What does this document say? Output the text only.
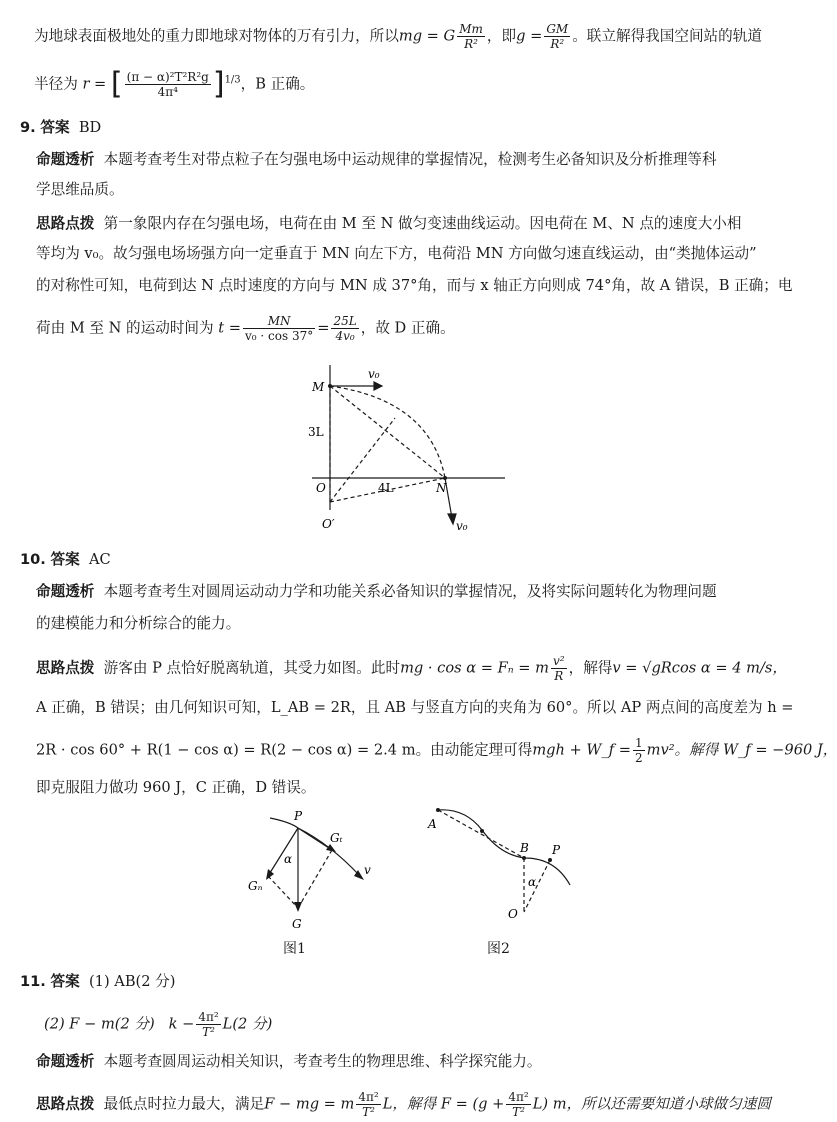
为地球表面极地处的重力即地球对物体的万有引力，所以mg = G $\frac{Mm}{\text{R²}}$ ，即$g = \frac{GM}{\text{R²}}$ 。联立解得我国空间站的轨道
半径为 r = [ $\frac{\text{(π − α)²T²R²g}}{\text{4π⁴}} ]^{1/3}$，B 正确。
9. 答案 BD
命题透析 本题考查考生对带点粒子在匀强电场中运动规律的掌握情况，检测考生必备知识及分析推理等科
学思维品质。
思路点拨 第一象限内存在匀强电场，电荷在由 M 至 N 做匀变速曲线运动。因电荷在 M、N 点的速度大小相
等均为 v₀。故匀强电场场强方向一定垂直于 MN 向左下方，电荷沿 MN 方向做匀速直线运动，由“类抛体运动”
的对称性可知，电荷到达 N 点时速度的方向与 MN 成 37°角，而与 x 轴正方向则成 74°角，故 A 错误，B 正确；电
荷由 M 至 N 的运动时间为 $t = \frac{MN}{\text{v₀ · cos 37°}} = \frac{25L}{\text{4v₀}}$ ，故 D 正确。
M
v₀
3L
O	4L	N
O′	v₀
10. 答案 AC
命题透析 本题考查考生对圆周运动动力学和功能关系必备知识的掌握情况，及将实际问题转化为物理问题
的建模能力和分析综合的能力。
思路点拨 游客由 P 点恰好脱离轨道，其受力如图。此时mg · cos α = Fₙ = m $\frac{\text{v²}}{R}$ ，解得v = √gRcos α = 4 m/s，
A 正确，B 错误；由几何知识可知，L_AB = 2R，且 AB 与竖直方向的夹角为 60°。所以 AP 两点间的高度差为 h =
2R · cos 60° + R(1 − cos α) = R(2 − cos α) = 2.4 m。由动能定理可得mgh + W_f = $\frac{1}{2} mv^2$。解得 W_f = −960 J，
即克服阻力做功 960 J，C 正确，D 错误。
P
α
Gₜ
v
Gₙ
G
图1
A
B P
α
O
图2
11. 答案 (1) AB(2 分)
(2) F − m(2 分) $k - \frac{\text{4π²}}{\text{T²}} L(2$ 分)
命题透析 本题考查圆周运动相关知识，考查考生的物理思维、科学探究能力。
思路点拨 最低点时拉力最大，满足F − mg = m $\frac{\text{4π²}}{\text{T²}}$ L，解得 $F = (g + \frac{\text{4π²}}{\text{T²}} L)$ m，所以还需要知道小球做匀速圆
